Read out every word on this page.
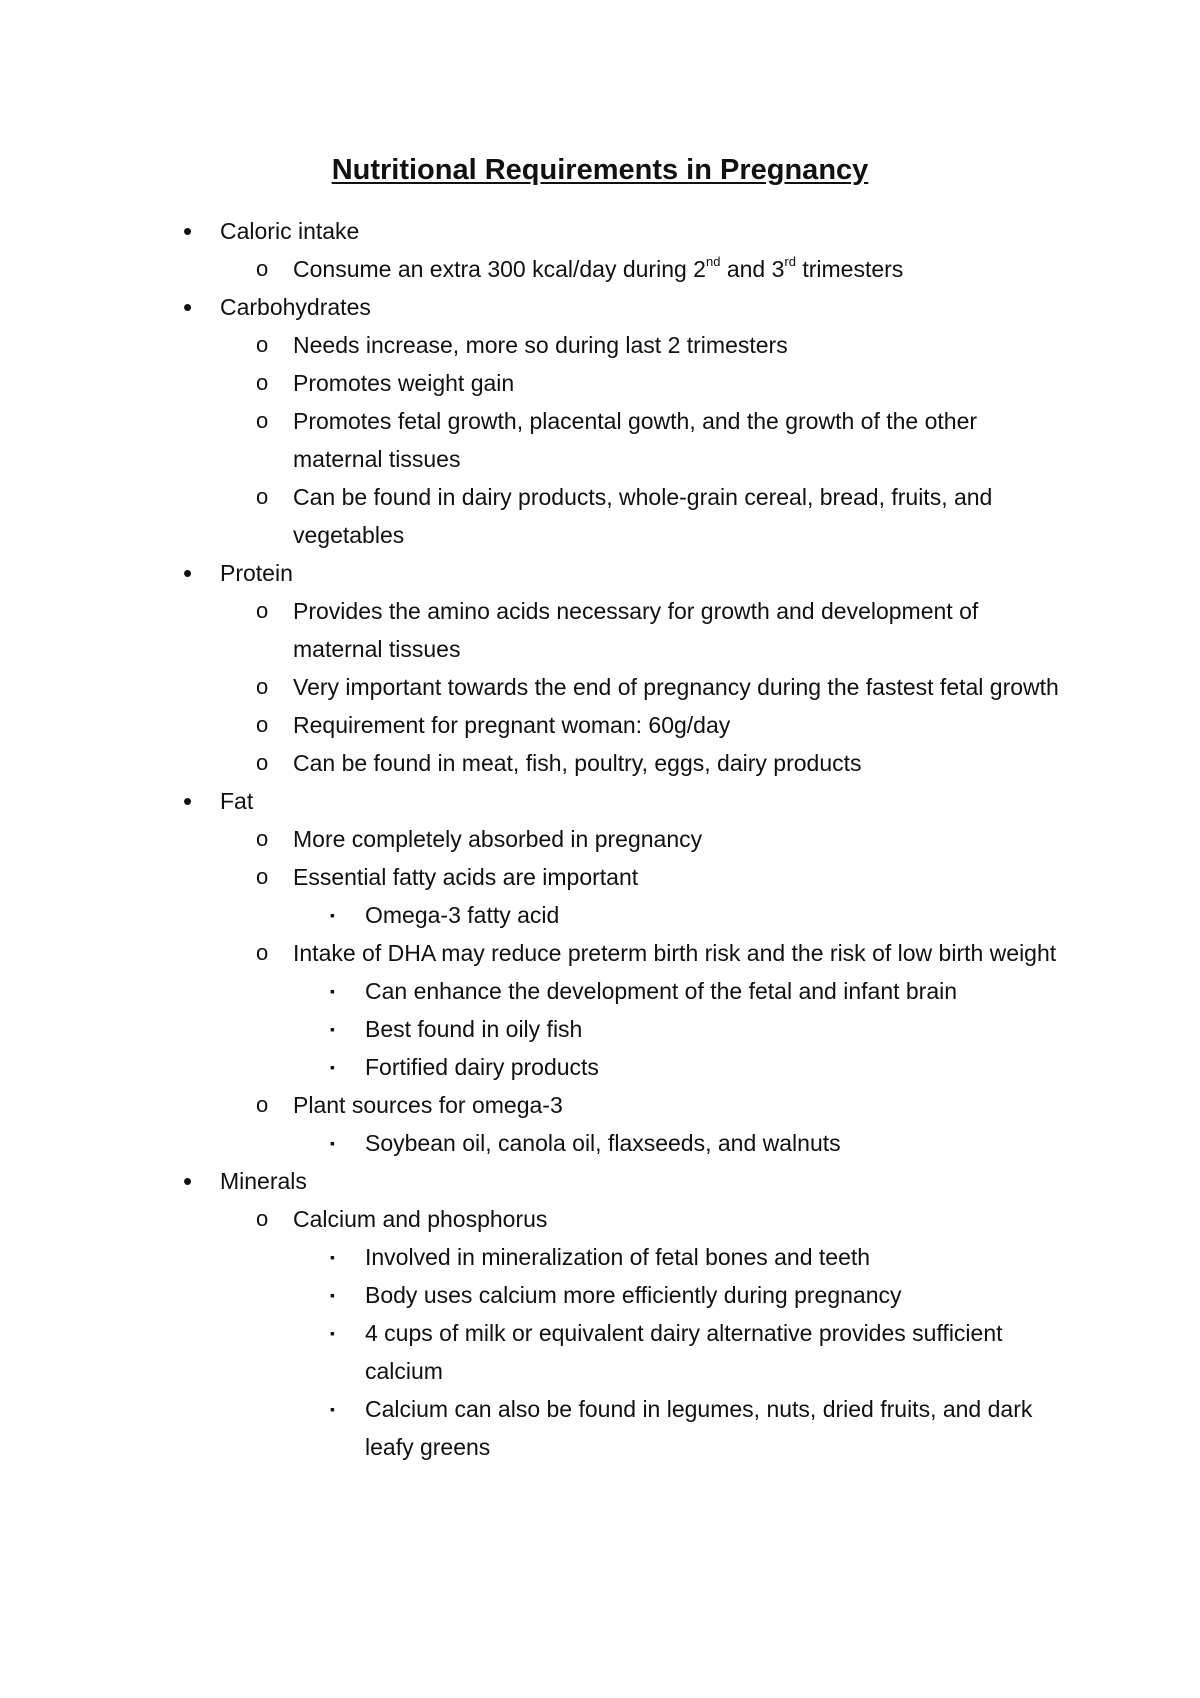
Nutritional Requirements in Pregnancy
• Caloric intake
o Consume an extra 300 kcal/day during 2nd and 3rd trimesters
• Carbohydrates
o Needs increase, more so during last 2 trimesters
o Promotes weight gain
o Promotes fetal growth, placental gowth, and the growth of the other maternal tissues
o Can be found in dairy products, whole-grain cereal, bread, fruits, and vegetables
• Protein
o Provides the amino acids necessary for growth and development of maternal tissues
o Very important towards the end of pregnancy during the fastest fetal growth
o Requirement for pregnant woman: 60g/day
o Can be found in meat, fish, poultry, eggs, dairy products
• Fat
o More completely absorbed in pregnancy
o Essential fatty acids are important
▪ Omega-3 fatty acid
o Intake of DHA may reduce preterm birth risk and the risk of low birth weight
▪ Can enhance the development of the fetal and infant brain
▪ Best found in oily fish
▪ Fortified dairy products
o Plant sources for omega-3
▪ Soybean oil, canola oil, flaxseeds, and walnuts
• Minerals
o Calcium and phosphorus
▪ Involved in mineralization of fetal bones and teeth
▪ Body uses calcium more efficiently during pregnancy
▪ 4 cups of milk or equivalent dairy alternative provides sufficient calcium
▪ Calcium can also be found in legumes, nuts, dried fruits, and dark leafy greens
